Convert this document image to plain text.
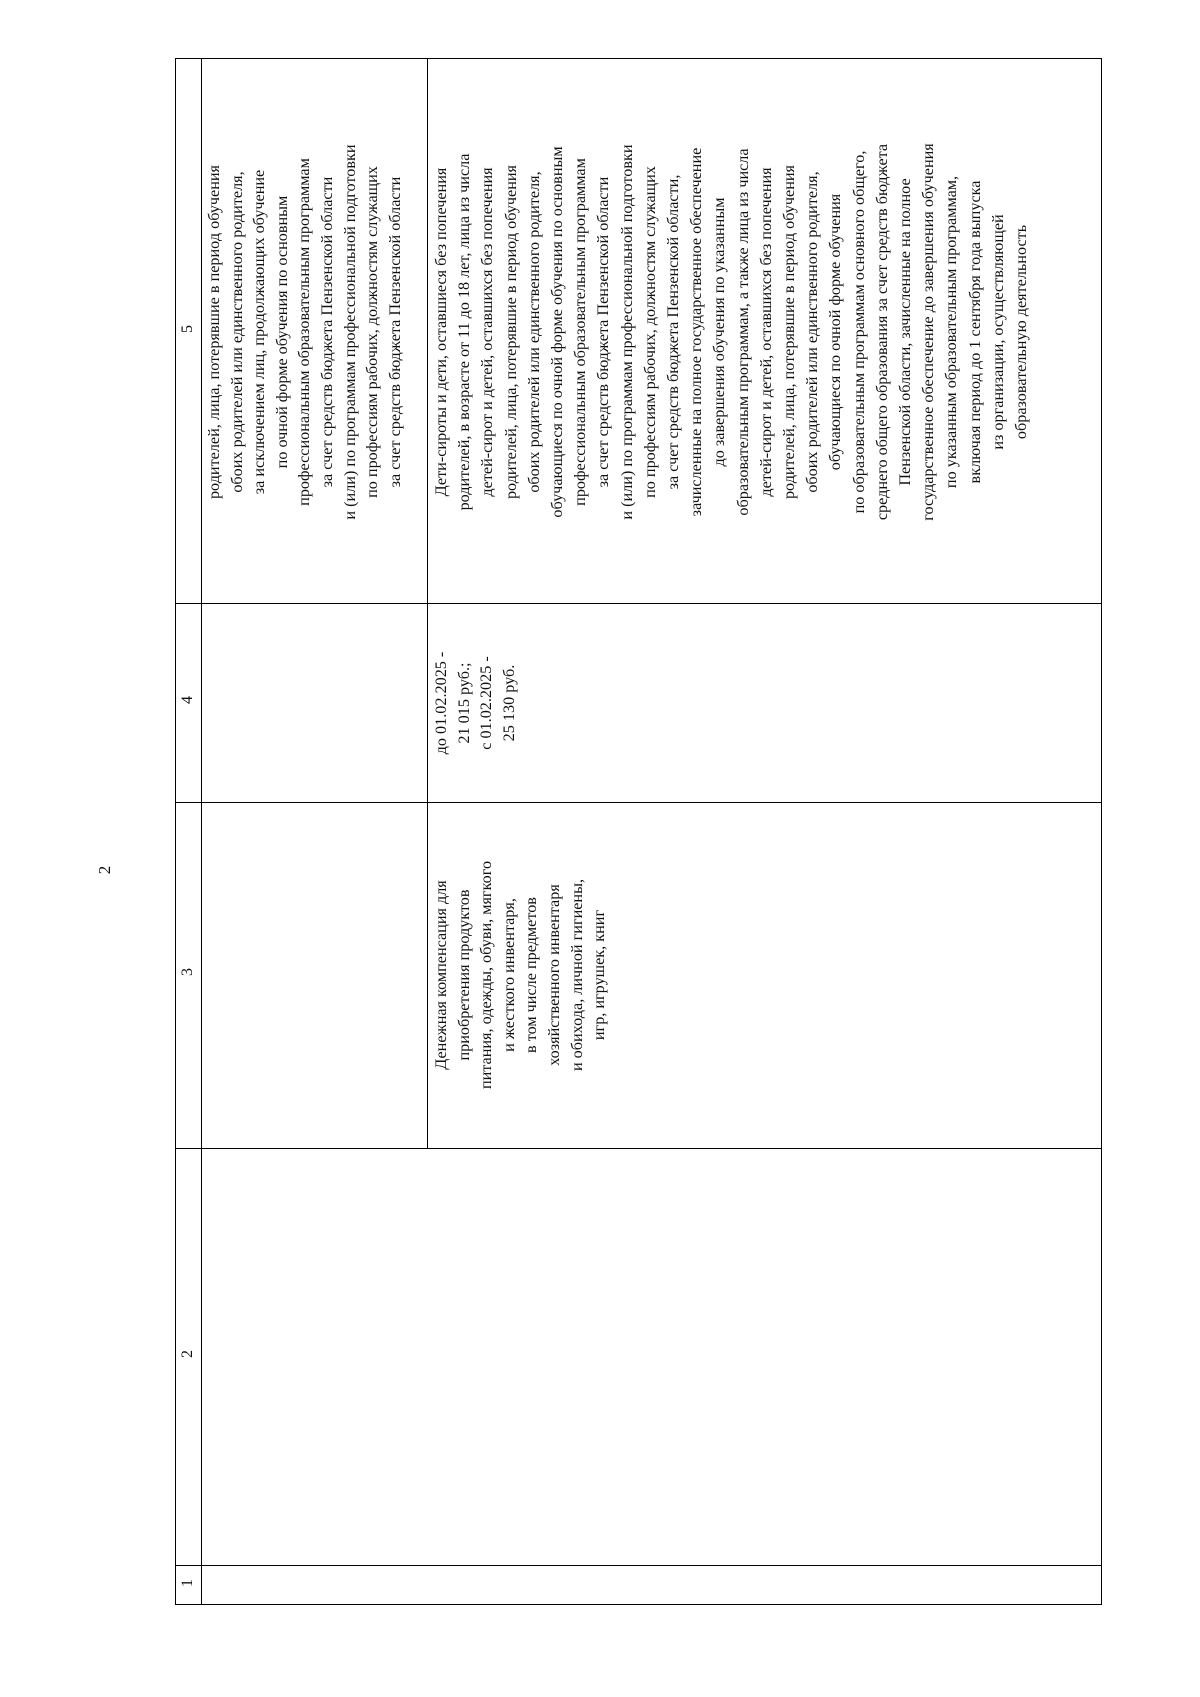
2
1
2
3
4
5
родителей, лица, потерявшие в период обучения
обоих родителей или единственного родителя,
за исключением лиц, продолжающих обучение
по очной форме обучения по основным
профессиональным образовательным программам
за счет средств бюджета Пензенской области
и (или) по программам профессиональной подготовки
по профессиям рабочих, должностям служащих
за счет средств бюджета Пензенской области
Денежная компенсация для
приобретения продуктов
питания, одежды, обуви, мягкого
и жесткого инвентаря,
в том числе предметов
хозяйственного инвентаря
и обихода, личной гигиены,
игр, игрушек, книг
до 01.02.2025 -
21 015 руб.;
с 01.02.2025 -
25 130 руб.
Дети-сироты и дети, оставшиеся без попечения
родителей, в возрасте от 11 до 18 лет, лица из числа
детей-сирот и детей, оставшихся без попечения
родителей, лица, потерявшие в период обучения
обоих родителей или единственного родителя,
обучающиеся по очной форме обучения по основным
профессиональным образовательным программам
за счет средств бюджета Пензенской области
и (или) по программам профессиональной подготовки
по профессиям рабочих, должностям служащих
за счет средств бюджета Пензенской области,
зачисленные на полное государственное обеспечение
до завершения обучения по указанным
образовательным программам, а также лица из числа
детей-сирот и детей, оставшихся без попечения
родителей, лица, потерявшие в период обучения
обоих родителей или единственного родителя,
обучающиеся по очной форме обучения
по образовательным программам основного общего,
среднего общего образования за счет средств бюджета
Пензенской области, зачисленные на полное
государственное обеспечение до завершения обучения
по указанным образовательным программам,
включая период до 1 сентября года выпуска
из организации, осуществляющей
образовательную деятельность
